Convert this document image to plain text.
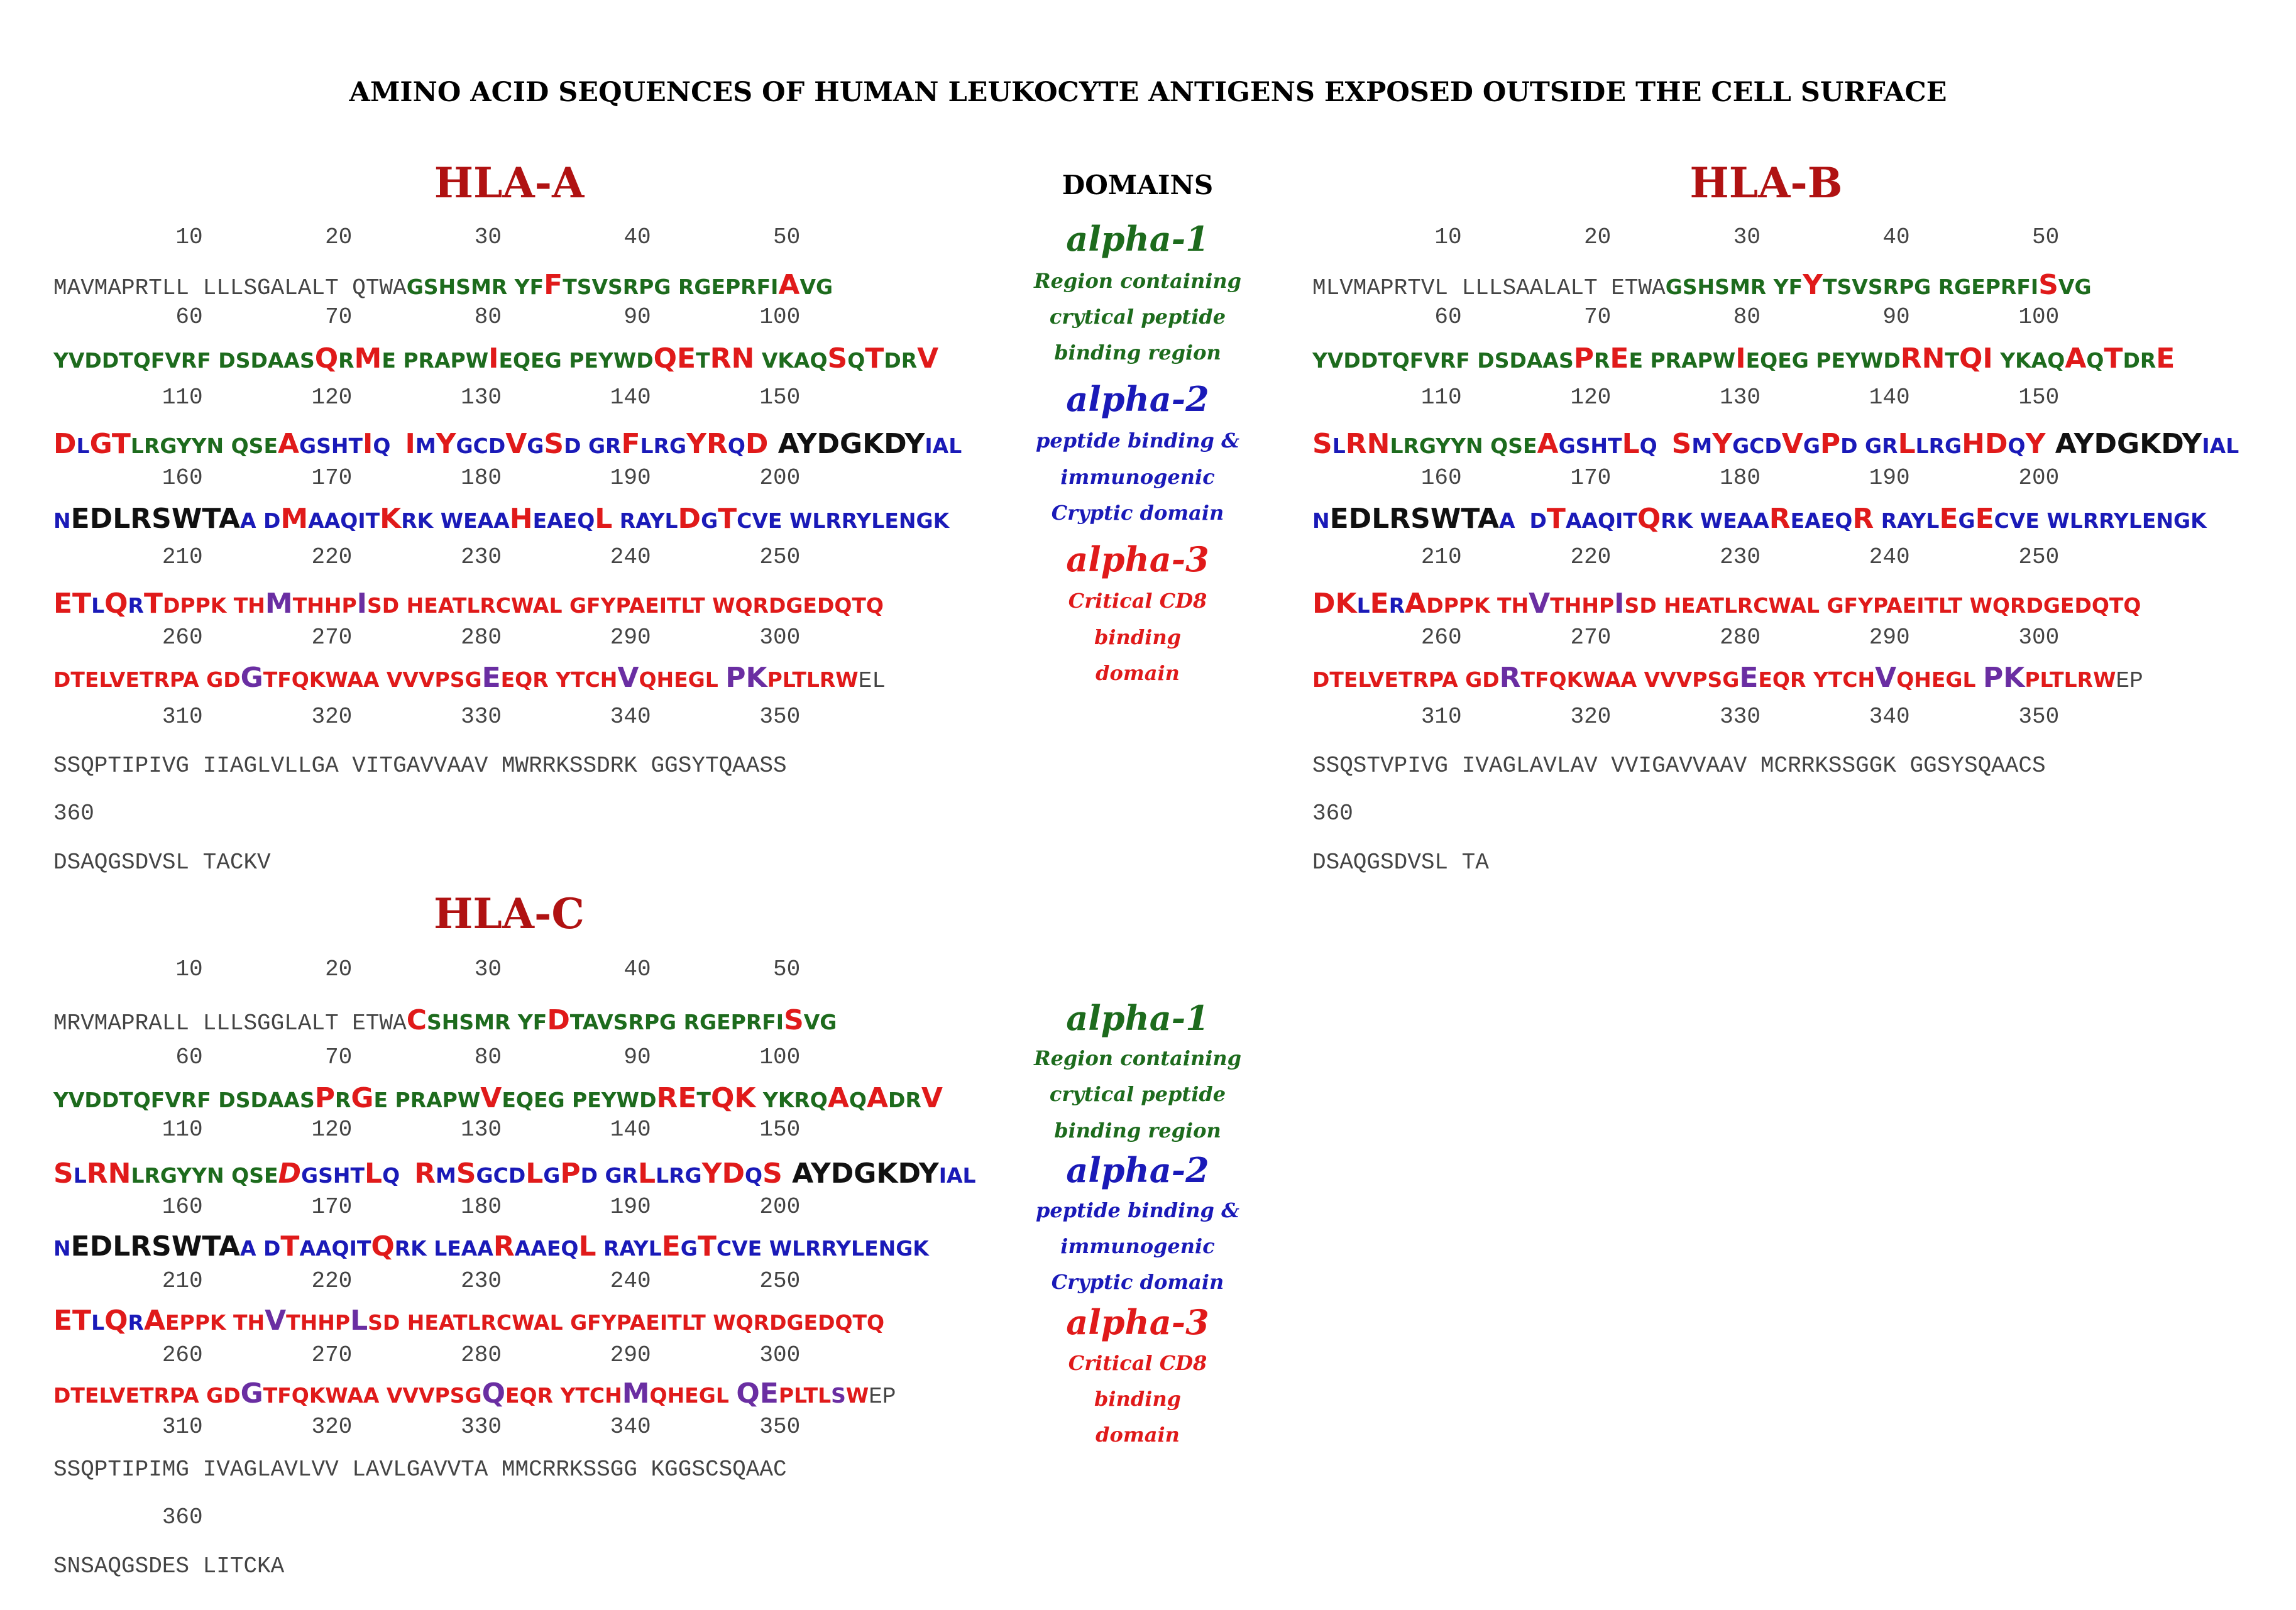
AMINO ACID SEQUENCES OF HUMAN LEUKOCYTE ANTIGENS EXPOSED OUTSIDE THE CELL SURFACE
HLA-A	DOMAINS
10         20         30         40         50
MAVMAPRTLL LLLSGALALT QTWAGSHSMR YFFTSVSRPG RGEPRFIAVG
60         70         80         90        100
YVDDTQFVRF DSDAASQRME PRAPWIEQEG PEYWDQETRN VKAQSQTDRV
110        120        130        140        150
DLGTLRGYYN QSEAGSHTIQ  IMYGCDVGSD GRFLRGYRQD AYDGKDYIAL
160        170        180        190        200
NEDLRSWTAA DMAAQITKRK WEAAHEAEQL RAYLDGTCVE WLRRYLENGK
210        220        230        240        250
ETLQRTDPPK THMTHHPISD HEATLRCWAL GFYPAEITLT WQRDGEDQTQ
260        270        280        290        300
DTELVETRPA GDGTFQKWAA VVVPSGEEQR YTCHVQHEGL PKPLTLRWEL
310        320        330        340        350
SSQPTIPIVG IIAGLVLLGA VITGAVVAAV MWRRKSSDRK GGSYTQAASS
360
DSAQGSDVSL TACKV
alpha-1
Region containing
crytical peptide
binding region
alpha-2
peptide binding &
immunogenic
Cryptic domain
alpha-3
Critical CD8
binding
domain
HLA-B
10         20         30         40         50
MLVMAPRTVL LLLSAALALT ETWAGSHSMR YFYTSVSRPG RGEPRFISVG
60         70         80         90        100
YVDDTQFVRF DSDAASPREE PRAPWIEQEG PEYWDRNTQI YKAQAQTDRE
110        120        130        140        150
SLRNLRGYYN QSEAGSHTLQ  SMYGCDVGPD GRLLRGHDQY AYDGKDYIAL
160        170        180        190        200
NEDLRSWTAA  DTAAQITQRK WEAAREAEQR RAYLEGECVE WLRRYLENGK
210        220        230        240        250
DKLERADPPK THVTHHPISD HEATLRCWAL GFYPAEITLT WQRDGEDQTQ
260        270        280        290        300
DTELVETRPA GDRTFQKWAA VVVPSGEEQR YTCHVQHEGL PKPLTLRWEP
310        320        330        340        350
SSQSTVPIVG IVAGLAVLAV VVIGAVVAAV MCRRKSSGGK GGSYSQAACS
360
DSAQGSDVSL TA
HLA-C
10         20         30         40         50
MRVMAPRALL LLLSGGLALT ETWACSHSMR YFDTAVSRPG RGEPRFISVG
60         70         80         90        100
YVDDTQFVRF DSDAASPRGE PRAPWVEQEG PEYWDRETQK YKRQAQADRV
110        120        130        140        150
SLRNLRGYYN QSEDGSHTLQ  RMSGCDLGPD GRLLRGYDQS AYDGKDYIAL
160        170        180        190        200
NEDLRSWTAA DTAAQITQRK LEAARAAEQL RAYLEGTCVE WLRRYLENGK
210        220        230        240        250
ETLQRAEPPK THVTHHPLSD HEATLRCWAL GFYPAEITLT WQRDGEDQTQ
260        270        280        290        300
DTELVETRPA GDGTFQKWAA VVVPSGQEQR YTCHMQHEGL QEPLTLSWEP
310        320        330        340        350
SSQPTIPIMG IVAGLAVLVV LAVLGAVVTA MMCRRKSSGG KGGSCSQAAC
360
SNSAQGSDES LITCKA
alpha-1
Region containing
crytical peptide
binding region
alpha-2
peptide binding &
immunogenic
Cryptic domain
alpha-3
Critical CD8
binding
domain
